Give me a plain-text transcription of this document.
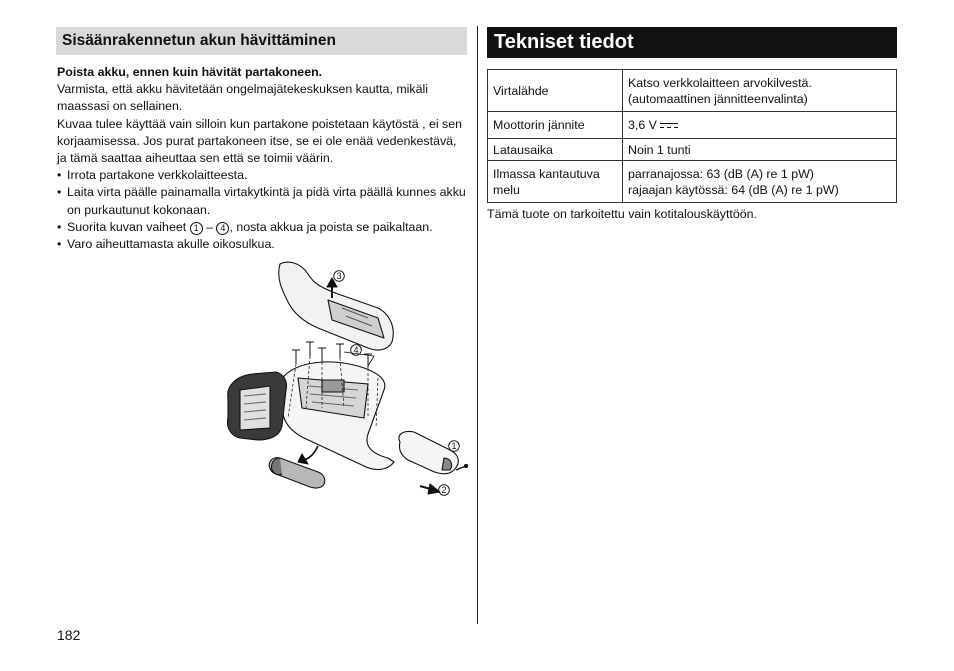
Sisäänrakennetun akun hävittäminen

Poista akku, ennen kuin hävität partakoneen.

Varmista, että akku hävitetään ongelmajätekeskuksen kautta, mikäli maassasi on sellainen.

Kuvaa tulee käyttää vain silloin kun partakone poistetaan käytöstä , ei sen korjaamisessa. Jos purat partakoneen itse, se ei ole enää vedenkestävä, ja tämä saattaa aiheuttaa sen että se toimii väärin.

• Irrota partakone verkkolaitteesta.
• Laita virta päälle painamalla virtakytkintä ja pidä virta päällä kunnes akku on purkautunut kokonaan.
• Suorita kuvan vaiheet 1 – 4 , nosta akkua ja poista se paikaltaan.
• Varo aiheuttamasta akulle oikosulkua.
3
4
1
2
Tekniset tiedot
Virtalähde	Katso verkkolaitteen arvokilvestä.
(automaattinen jännitteenvalinta)
Moottorin jännite	3,6 V
Latausaika	Noin 1 tunti
Ilmassa kantautuva melu	parranajossa: 63 (dB (A) re 1 pW)
rajaajan käytössä: 64 (dB (A) re 1 pW)
Tämä tuote on tarkoitettu vain kotitalouskäyttöön.
182
